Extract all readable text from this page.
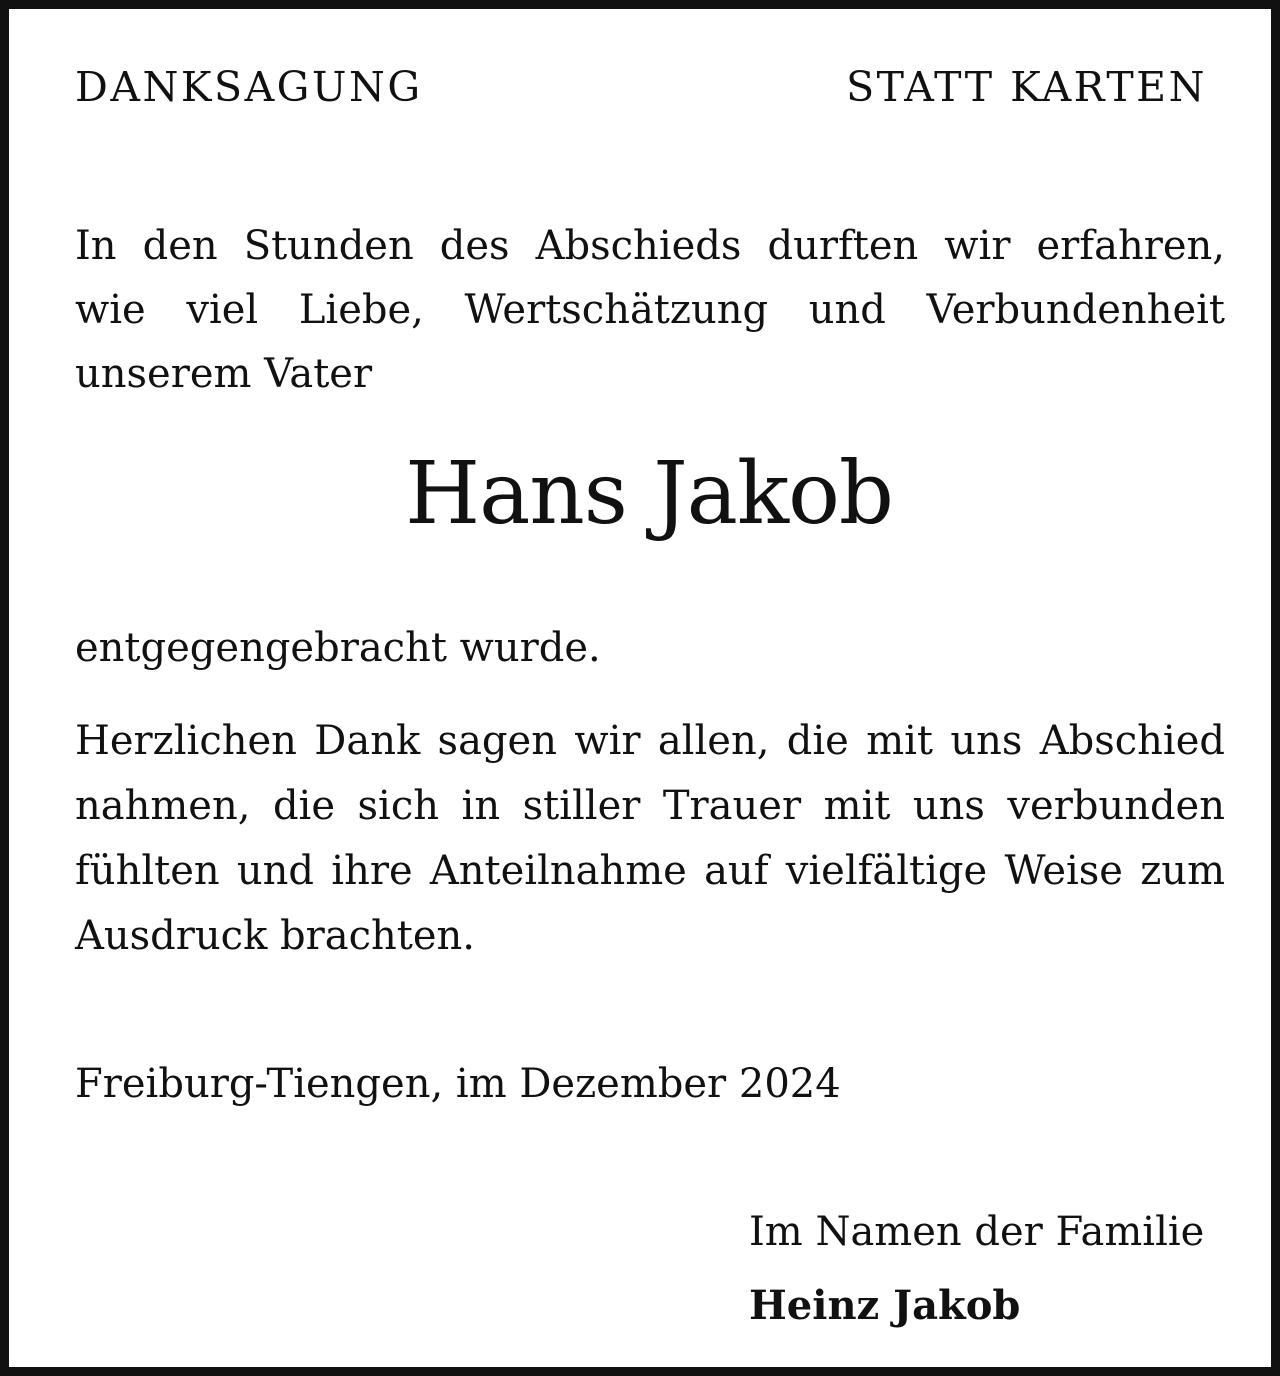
DANKSAGUNG	STATT KARTEN

In den Stunden des Abschieds durften wir erfahren,
wie viel Liebe, Wertschätzung und Verbundenheit
unserem Vater

Hans Jakob
entgegengebracht wurde.
Herzlichen Dank sagen wir allen, die mit uns Abschied
nahmen, die sich in stiller Trauer mit uns verbunden
fühlten und ihre Anteilnahme auf vielfältige Weise zum
Ausdruck brachten.
Freiburg-Tiengen, im Dezember 2024
Im Namen der Familie
Heinz Jakob
